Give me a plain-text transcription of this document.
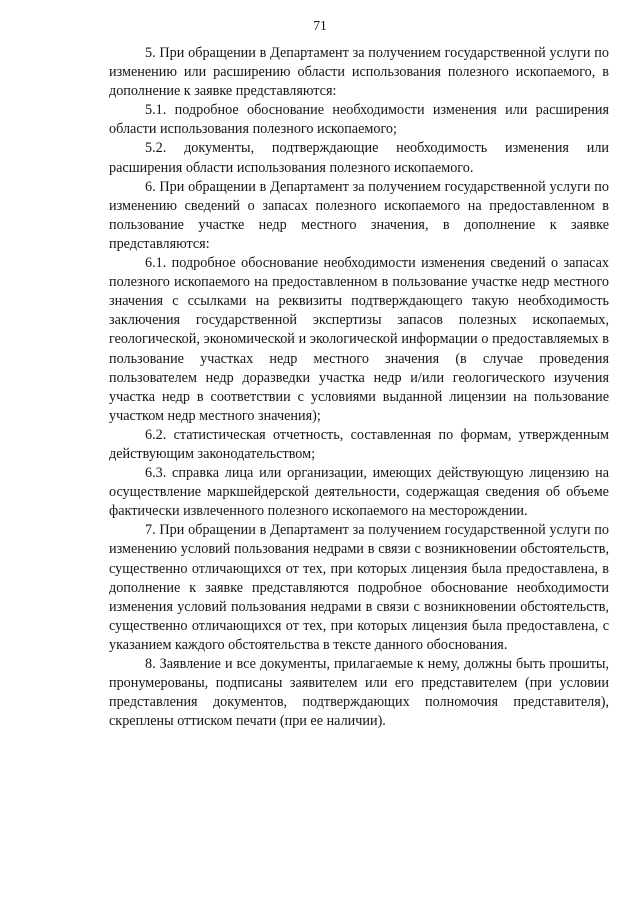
71

5. При обращении в Департамент за получением государственной услуги по изменению или расширению области использования полезного ископаемого, в дополнение к заявке представляются:

5.1. подробное обоснование необходимости изменения или расширения области использования полезного ископаемого;

5.2. документы, подтверждающие необходимость изменения или расширения области использования полезного ископаемого.

6. При обращении в Департамент за получением государственной услуги по изменению сведений о запасах полезного ископаемого на предоставленном в пользование участке недр местного значения, в дополнение к заявке представляются:

6.1. подробное обоснование необходимости изменения сведений о запасах полезного ископаемого на предоставленном в пользование участке недр местного значения с ссылками на реквизиты подтверждающего такую необходимость заключения государственной экспертизы запасов полезных ископаемых, геологической, экономической и экологической информации о предоставляемых в пользование участках недр местного значения (в случае проведения пользователем недр доразведки участка недр и/или геологического изучения участка недр в соответствии с условиями выданной лицензии на пользование участком недр местного значения);

6.2. статистическая отчетность, составленная по формам, утвержденным действующим законодательством;

6.3. справка лица или организации, имеющих действующую лицензию на осуществление маркшейдерской деятельности, содержащая сведения об объеме фактически извлеченного полезного ископаемого на месторождении.

7. При обращении в Департамент за получением государственной услуги по изменению условий пользования недрами в связи с возникновении обстоятельств, существенно отличающихся от тех, при которых лицензия была предоставлена, в дополнение к заявке представляются подробное обоснование необходимости изменения условий пользования недрами в связи с возникновении обстоятельств, существенно отличающихся от тех, при которых лицензия была предоставлена, с указанием каждого обстоятельства в тексте данного обоснования.

8. Заявление и все документы, прилагаемые к нему, должны быть прошиты, пронумерованы, подписаны заявителем или его представителем (при условии представления документов, подтверждающих полномочия представителя), скреплены оттиском печати (при ее наличии).
